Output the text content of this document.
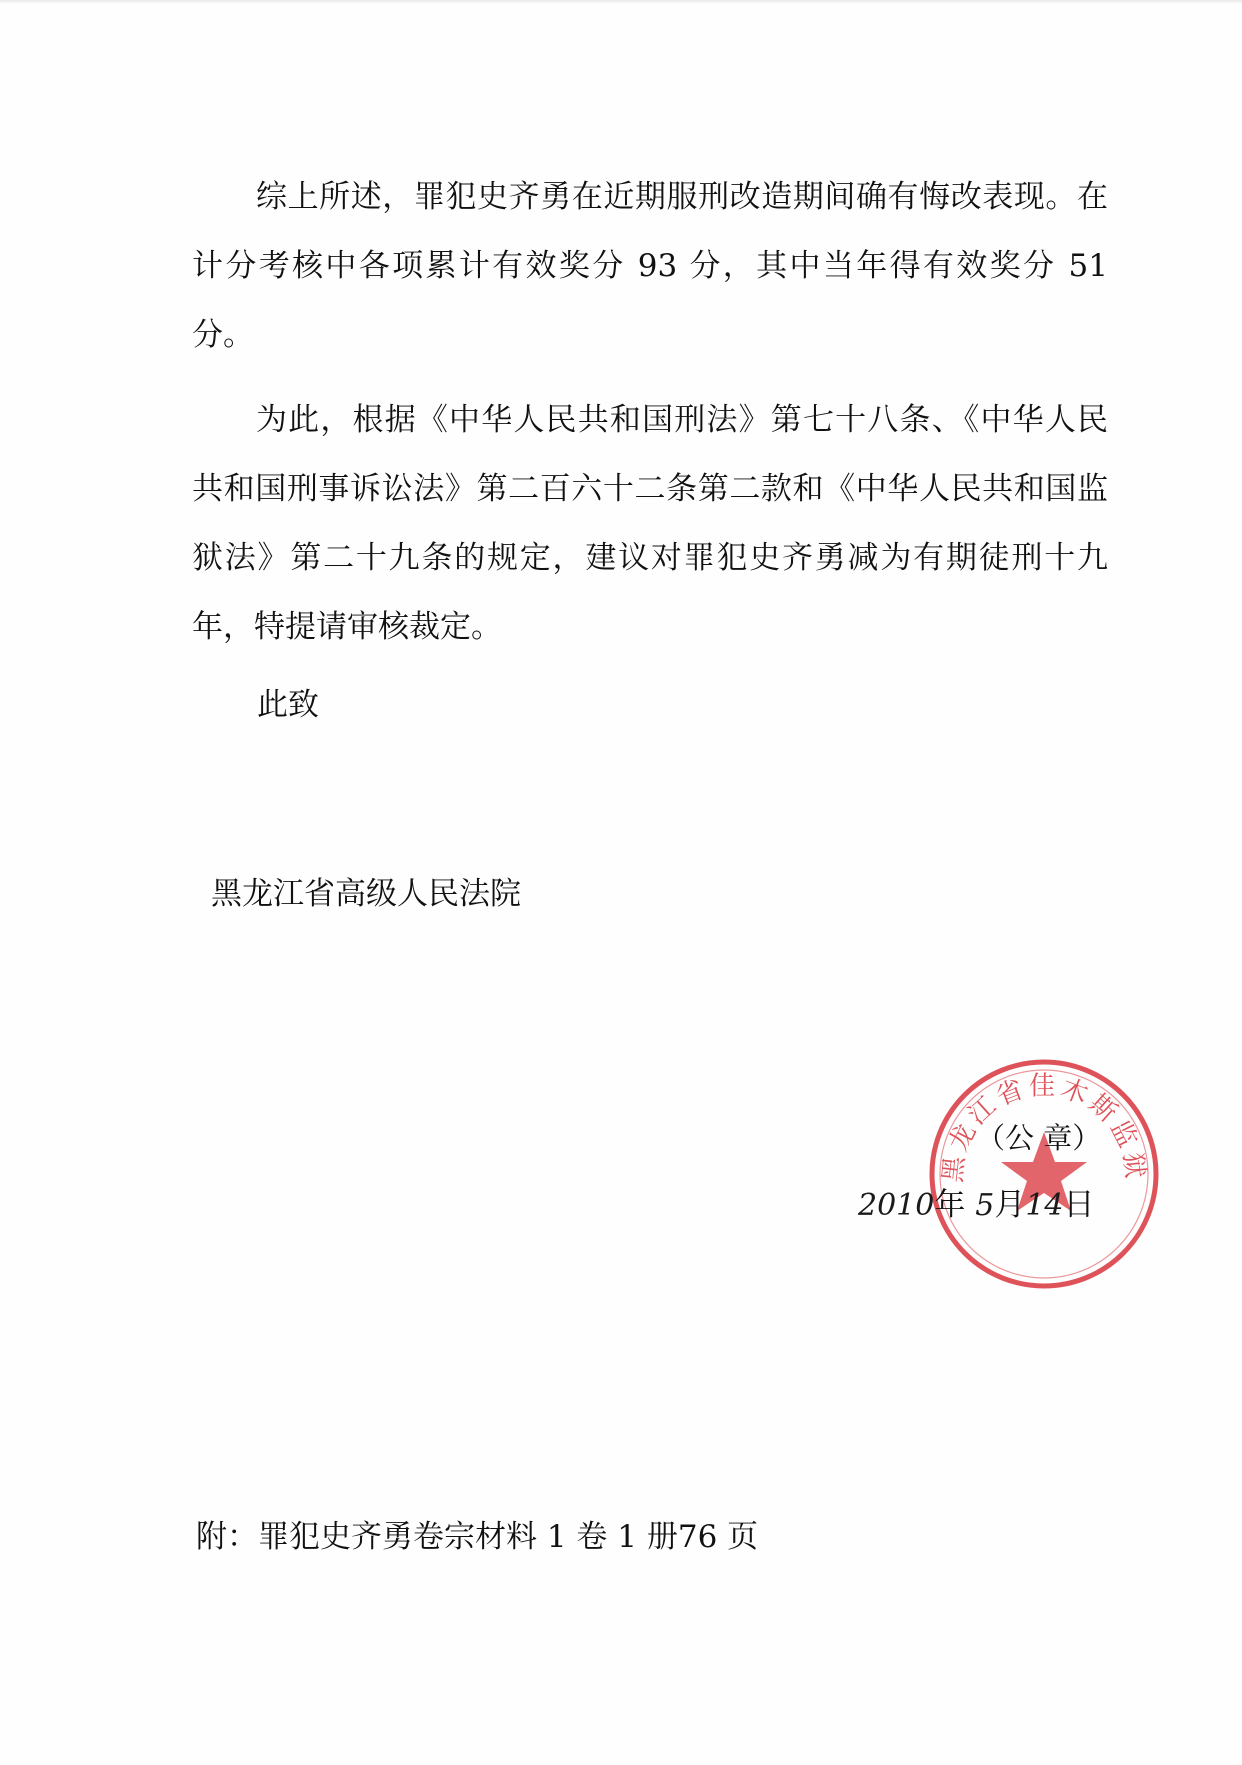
综上所述，罪犯史齐勇在近期服刑改造期间确有悔改表现。在计分考核中各项累计有效奖分 93 分，其中当年得有效奖分 51 分。

为此，根据《中华人民共和国刑法》第七十八条、《中华人民共和国刑事诉讼法》第二百六十二条第二款和《中华人民共和国监狱法》第二十九条的规定，建议对罪犯史齐勇减为有期徒刑十九年，特提请审核裁定。

此致
黑龙江省高级人民法院
黑龙江省佳木斯监狱
（公 章）
2010年 5月14日
附：罪犯史齐勇卷宗材料 1 卷 1 册76 页
